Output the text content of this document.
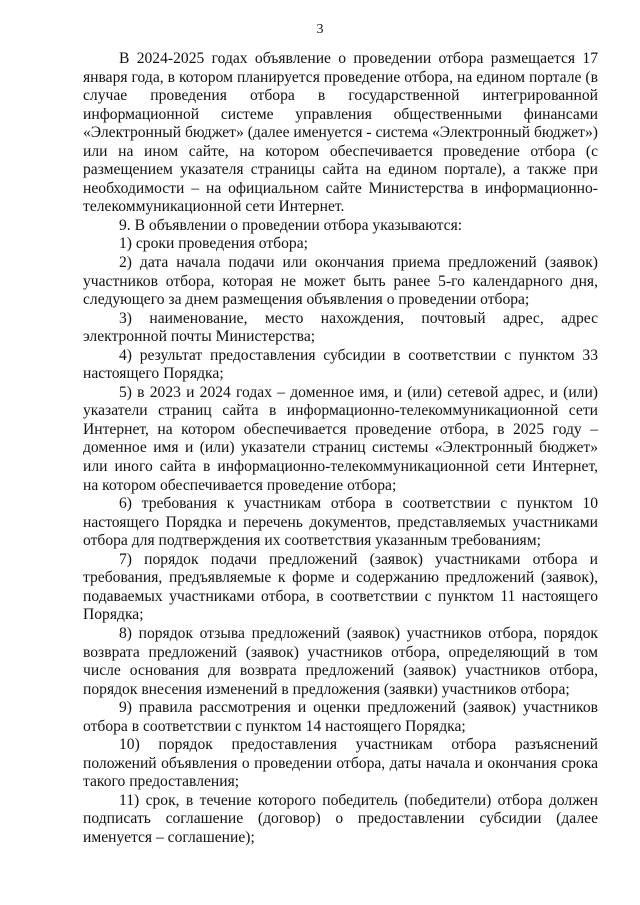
3

В 2024-2025 годах объявление о проведении отбора размещается 17 января года, в котором планируется проведение отбора, на едином портале (в случае проведения отбора в государственной интегрированной информационной системе управления общественными финансами «Электронный бюджет» (далее именуется - система «Электронный бюджет») или на ином сайте, на котором обеспечивается проведение отбора (с размещением указателя страницы сайта на едином портале), а также при необходимости – на официальном сайте Министерства в информационно-телекоммуникационной сети Интернет.

9. В объявлении о проведении отбора указываются:

1) сроки проведения отбора;

2) дата начала подачи или окончания приема предложений (заявок) участников отбора, которая не может быть ранее 5-го календарного дня, следующего за днем размещения объявления о проведении отбора;

3) наименование, место нахождения, почтовый адрес, адрес электронной почты Министерства;

4) результат предоставления субсидии в соответствии с пунктом 33 настоящего Порядка;

5) в 2023 и 2024 годах – доменное имя, и (или) сетевой адрес, и (или) указатели страниц сайта в информационно-телекоммуникационной сети Интернет, на котором обеспечивается проведение отбора, в 2025 году – доменное имя и (или) указатели страниц системы «Электронный бюджет» или иного сайта в информационно-телекоммуникационной сети Интернет, на котором обеспечивается проведение отбора;

6) требования к участникам отбора в соответствии с пунктом 10 настоящего Порядка и перечень документов, представляемых участниками отбора для подтверждения их соответствия указанным требованиям;

7) порядок подачи предложений (заявок) участниками отбора и требования, предъявляемые к форме и содержанию предложений (заявок), подаваемых участниками отбора, в соответствии с пунктом 11 настоящего Порядка;

8) порядок отзыва предложений (заявок) участников отбора, порядок возврата предложений (заявок) участников отбора, определяющий в том числе основания для возврата предложений (заявок) участников отбора, порядок внесения изменений в предложения (заявки) участников отбора;

9) правила рассмотрения и оценки предложений (заявок) участников отбора в соответствии с пунктом 14 настоящего Порядка;

10) порядок предоставления участникам отбора разъяснений положений объявления о проведении отбора, даты начала и окончания срока такого предоставления;

11) срок, в течение которого победитель (победители) отбора должен подписать соглашение (договор) о предоставлении субсидии (далее именуется – соглашение);
